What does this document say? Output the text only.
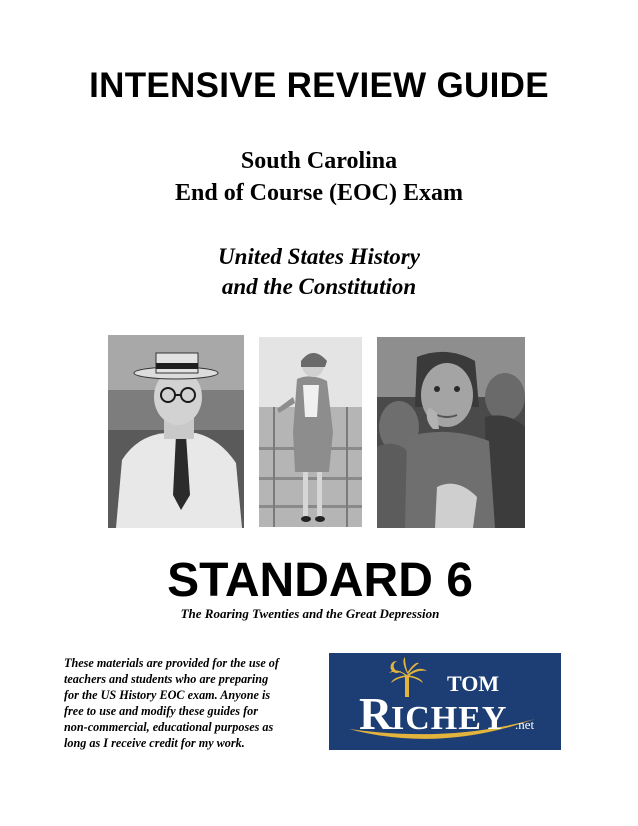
INTENSIVE REVIEW GUIDE
South Carolina
End of Course (EOC) Exam
United States History
and the Constitution
STANDARD 6
The Roaring Twenties and the Great Depression
These materials are provided for the use of
teachers and students who are preparing
for the US History EOC exam. Anyone is
free to use and modify these guides for
non-commercial, educational purposes as
long as I receive credit for my work.
TOM
R
ICHEY .net
